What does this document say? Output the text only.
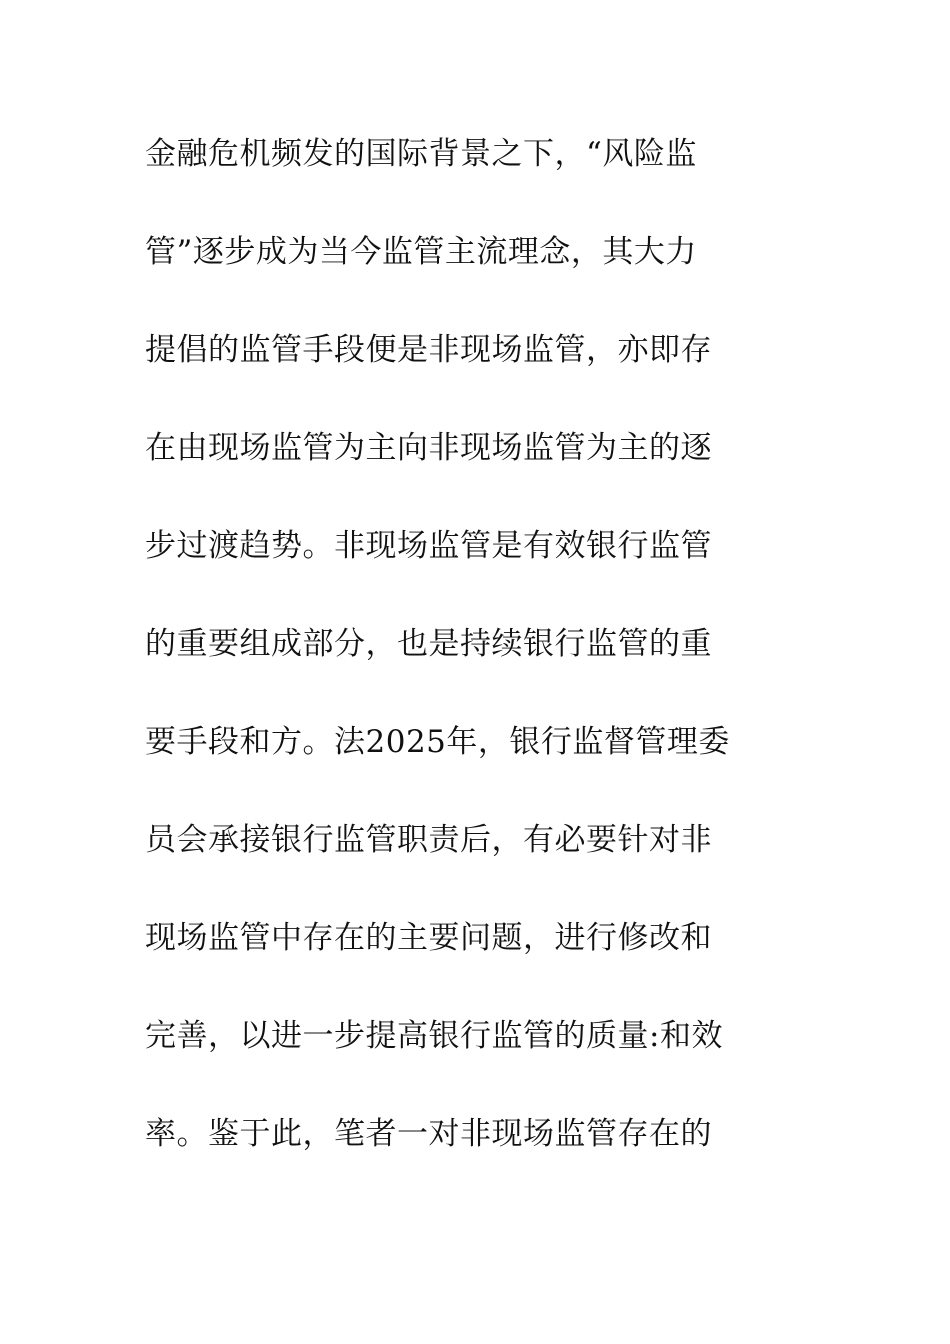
金融危机频发的国际背景之下，“风险监
管”逐步成为当今监管主流理念，其大力
提倡的监管手段便是非现场监管，亦即存
在由现场监管为主向非现场监管为主的逐
步过渡趋势。非现场监管是有效银行监管
的重要组成部分，也是持续银行监管的重
要手段和方。法2025年，银行监督管理委
员会承接银行监管职责后，有必要针对非
现场监管中存在的主要问题，进行修改和
完善，以进一步提高银行监管的质量:和效
率。鉴于此，笔者一对非现场监管存在的
